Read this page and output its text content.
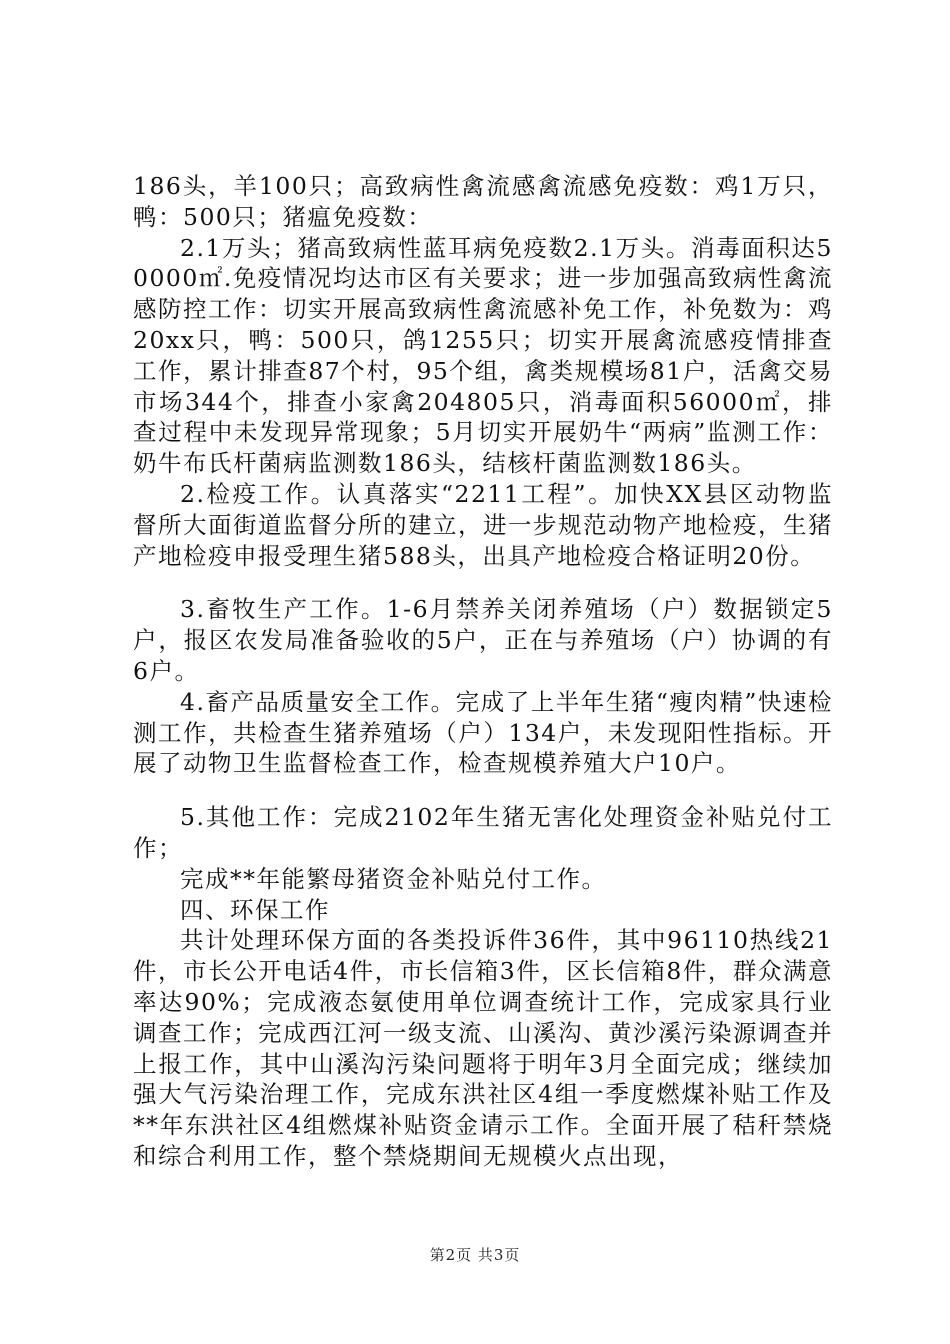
186头，羊100只；高致病性禽流感禽流感免疫数：鸡1万只，鸭：500只；猪瘟免疫数：

2.1万头；猪高致病性蓝耳病免疫数2.1万头。消毒面积达50000㎡.免疫情况均达市区有关要求；进一步加强高致病性禽流感防控工作：切实开展高致病性禽流感补免工作，补免数为：鸡20xx只，鸭：500只，鸽1255只；切实开展禽流感疫情排查工作，累计排查87个村，95个组，禽类规模场81户，活禽交易市场344个，排查小家禽204805只，消毒面积56000㎡，排查过程中未发现异常现象；5月切实开展奶牛“两病”监测工作：奶牛布氏杆菌病监测数186头，结核杆菌监测数186头。

2.检疫工作。认真落实“2211工程”。加快XX县区动物监督所大面街道监督分所的建立，进一步规范动物产地检疫，生猪产地检疫申报受理生猪588头，出具产地检疫合格证明20份。

3.畜牧生产工作。1-6月禁养关闭养殖场（户）数据锁定5户，报区农发局准备验收的5户，正在与养殖场（户）协调的有6户。

4.畜产品质量安全工作。完成了上半年生猪“瘦肉精”快速检测工作，共检查生猪养殖场（户）134户，未发现阳性指标。开展了动物卫生监督检查工作，检查规模养殖大户10户。

5.其他工作：完成2102年生猪无害化处理资金补贴兑付工作；

完成**年能繁母猪资金补贴兑付工作。

四、环保工作

共计处理环保方面的各类投诉件36件，其中96110热线21件，市长公开电话4件，市长信箱3件，区长信箱8件，群众满意率达90%；完成液态氨使用单位调查统计工作，完成家具行业调查工作；完成西江河一级支流、山溪沟、黄沙溪污染源调查并上报工作，其中山溪沟污染问题将于明年3月全面完成；继续加强大气污染治理工作，完成东洪社区4组一季度燃煤补贴工作及**年东洪社区4组燃煤补贴资金请示工作。全面开展了秸秆禁烧和综合利用工作，整个禁烧期间无规模火点出现，

第2页 共3页
